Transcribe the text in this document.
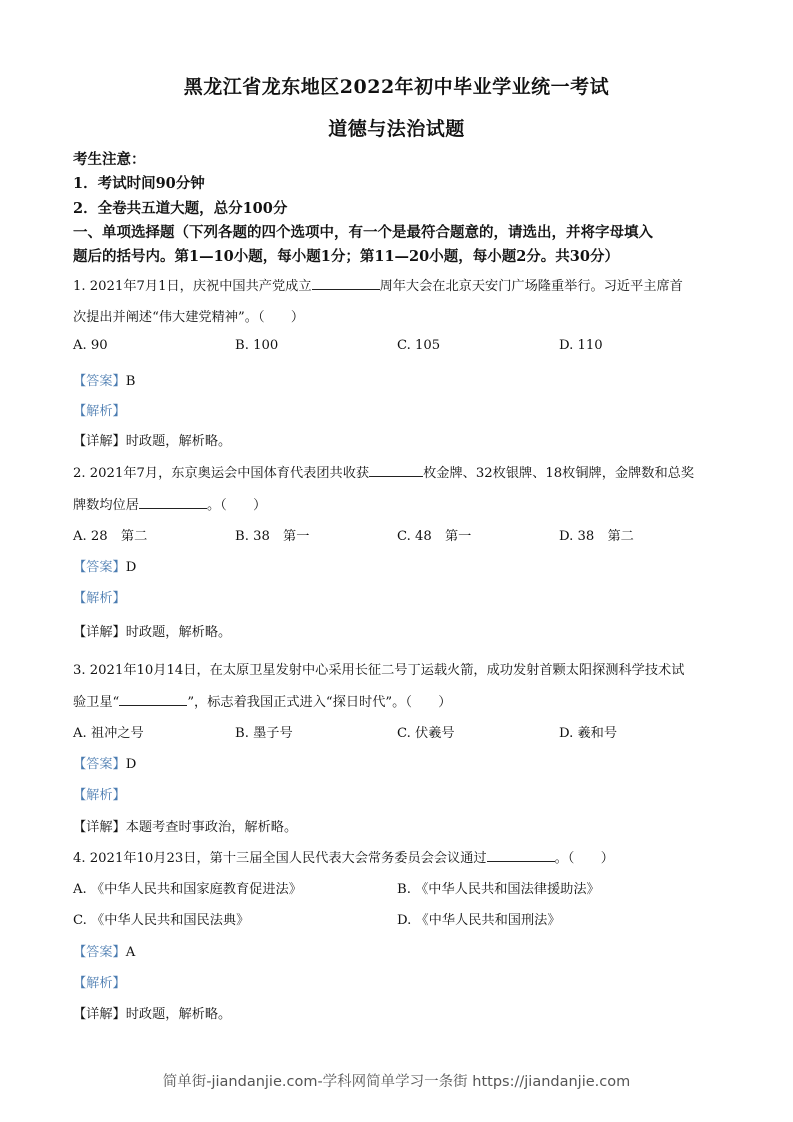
黑龙江省龙东地区2022年初中毕业学业统一考试
道德与法治试题
考生注意：
1．考试时间90分钟
2．全卷共五道大题，总分100分
一、单项选择题（下列各题的四个选项中，有一个是最符合题意的，请选出，并将字母填入
题后的括号内。第1—10小题，每小题1分；第11—20小题，每小题2分。共30分）
1. 2021年7月1日，庆祝中国共产党成立	周年大会在北京天安门广场隆重举行。习近平主席首
次提出并阐述“伟大建党精神”。（　　）
A. 90	B. 100	C. 105	D. 110
【答案】B
【解析】
【详解】时政题，解析略。
2. 2021年7月，东京奥运会中国体育代表团共收获	枚金牌、32枚银牌、18枚铜牌，金牌数和总奖
牌数均位居	。（　　）
A. 28　第二	B. 38　第一	C. 48　第一	D. 38　第二
【答案】D
【解析】
【详解】时政题，解析略。
3. 2021年10月14日，在太原卫星发射中心采用长征二号丁运载火箭，成功发射首颗太阳探测科学技术试
验卫星“	”，标志着我国正式进入“探日时代”。（　　）
A. 祖冲之号	B. 墨子号	C. 伏羲号	D. 羲和号
【答案】D
【解析】
【详解】本题考查时事政治，解析略。
4. 2021年10月23日，第十三届全国人民代表大会常务委员会会议通过	。（　　）
A. 《中华人民共和国家庭教育促进法》	B. 《中华人民共和国法律援助法》
C. 《中华人民共和国民法典》	D. 《中华人民共和国刑法》
【答案】A
【解析】
【详解】时政题，解析略。
简单街-jiandanjie.com-学科网简单学习一条街 https://jiandanjie.com
